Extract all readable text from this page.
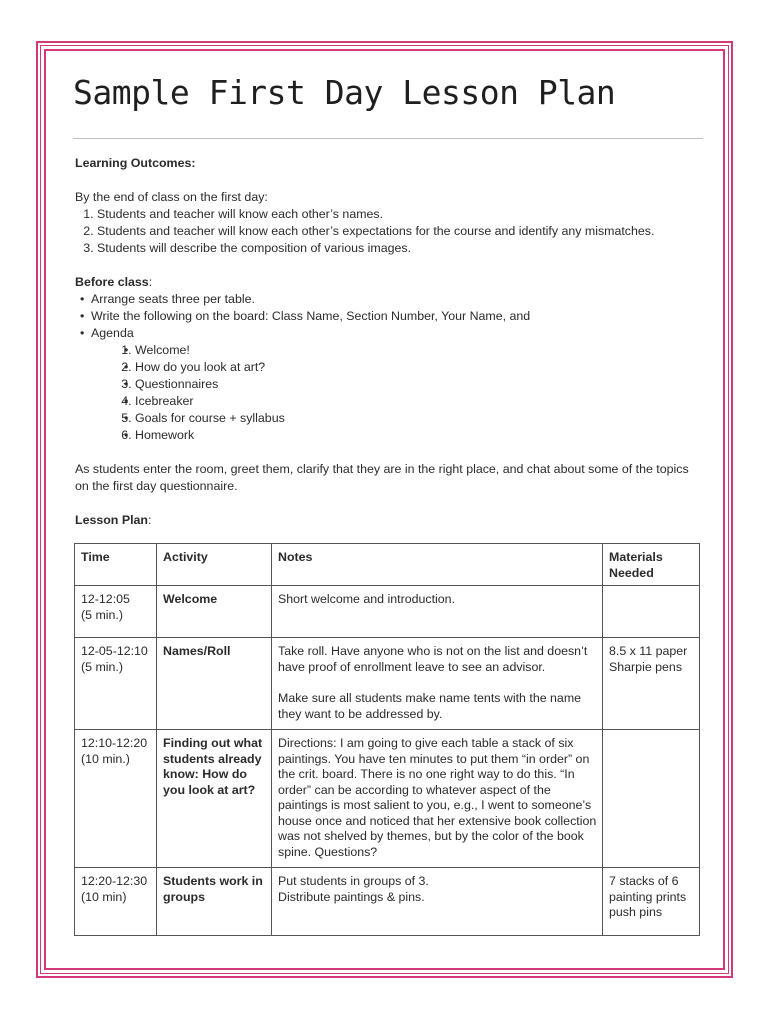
Sample First Day Lesson Plan

Learning Outcomes:

By the end of class on the first day:

1. Students and teacher will know each other’s names.
2. Students and teacher will know each other’s expectations for the course and identify any mismatches.
3. Students will describe the composition of various images.

Before class:

• Arrange seats three per table.
• Write the following on the board: Class Name, Section Number, Your Name, and
• Agenda
• 1. Welcome!
• 2. How do you look at art?
• 3. Questionnaires
• 4. Icebreaker
• 5. Goals for course + syllabus
• 6. Homework

As students enter the room, greet them, clarify that they are in the right place, and chat about some of the topics on the first day questionnaire.

Lesson Plan:

Time	Activity	Notes	Materials Needed

12-12:05
(5 min.)	Welcome	Short welcome and introduction.	

12-05-12:10
(5 min.)	Names/Roll	Take roll. Have anyone who is not on the list and doesn’t have proof of enrollment leave to see an advisor.
Make sure all students make name tents with the name they want to be addressed by.	8.5 x 11 paper
Sharpie pens

12:10-12:20
(10 min.)	Finding out what students already know: How do you look at art?	Directions: I am going to give each table a stack of six paintings. You have ten minutes to put them “in order” on the crit. board. There is no one right way to do this. “In order” can be according to whatever aspect of the paintings is most salient to you, e.g., I went to someone’s house once and noticed that her extensive book collection was not shelved by themes, but by the color of the book spine. Questions?	

12:20-12:30
(10 min)	Students work in groups	Put students in groups of 3.
Distribute paintings & pins.	7 stacks of 6 painting prints
push pins
